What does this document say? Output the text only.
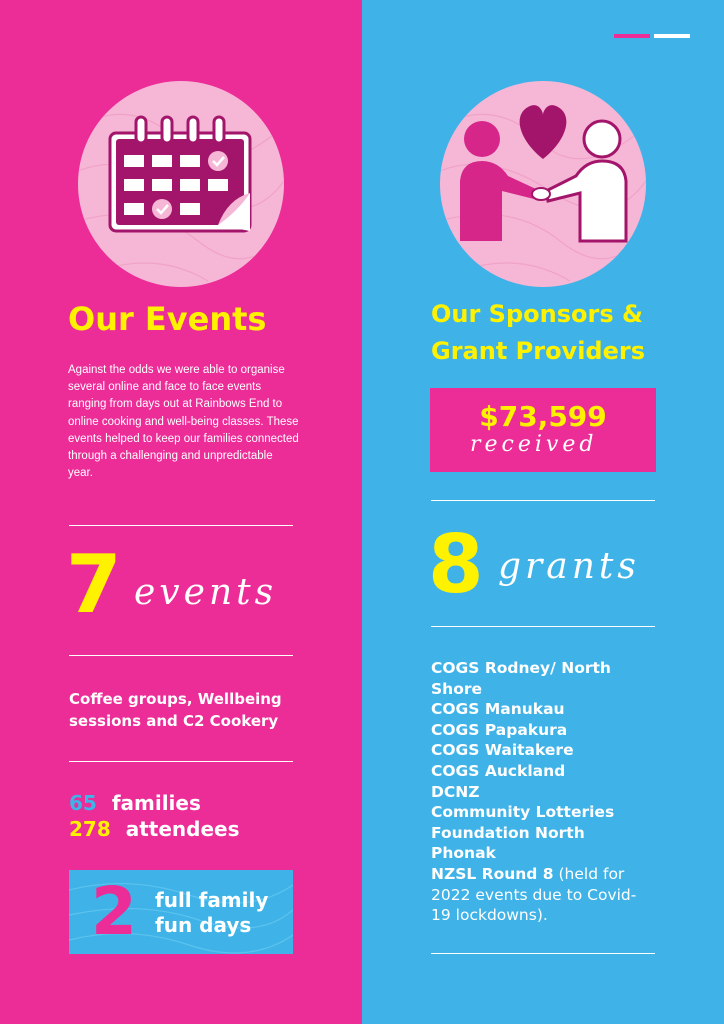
Our Events
Against the odds we were able to organise several online and face to face events ranging from days out at Rainbows End to online cooking and well-being classes. These events helped to keep our families connected through a challenging and unpredictable year.
7 events
Coffee groups, Wellbeing sessions and C2 Cookery
65 families
278 attendees
2 full family
fun days
Our Sponsors &
Grant Providers
$73,599
received
8 grants
COGS Rodney/ North Shore
COGS Manukau
COGS Papakura
COGS Waitakere
COGS Auckland
DCNZ
Community Lotteries
Foundation North
Phonak
NZSL Round 8 (held for 2022 events due to Covid-19 lockdowns).
